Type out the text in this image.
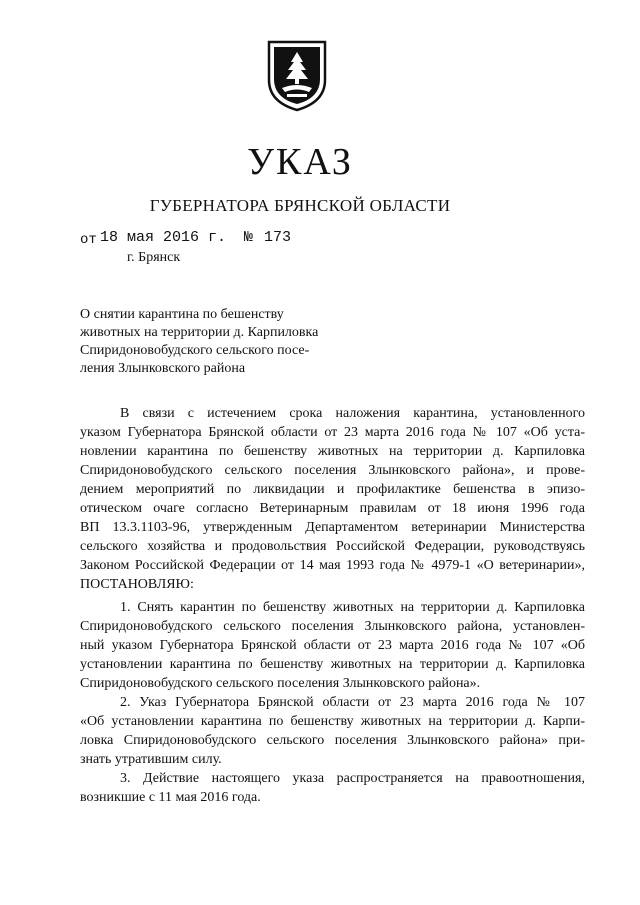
УКАЗ
ГУБЕРНАТОРА БРЯНСКОЙ ОБЛАСТИ
от 18 мая 2016 г. № 173
г. Брянск
О снятии карантина по бешенству
животных на территории д. Карпиловка
Спиридоновобудского сельского посе-
ления Злынковского района
В связи с истечением срока наложения карантина, установленного
указом Губернатора Брянской области от 23 марта 2016 года № 107 «Об уста-
новлении карантина по бешенству животных на территории д. Карпиловка
Спиридоновобудского сельского поселения Злынковского района», и прове-
дением мероприятий по ликвидации и профилактике бешенства в эпизо-
отическом очаге согласно Ветеринарным правилам от 18 июня 1996 года
ВП 13.3.1103-96, утвержденным Департаментом ветеринарии Министерства
сельского хозяйства и продовольствия Российской Федерации, руководствуясь
Законом Российской Федерации от 14 мая 1993 года № 4979-1 «О ветеринарии»,
ПОСТАНОВЛЯЮ:
1. Снять карантин по бешенству животных на территории д. Карпиловка
Спиридоновобудского сельского поселения Злынковского района, установлен-
ный указом Губернатора Брянской области от 23 марта 2016 года № 107 «Об
установлении карантина по бешенству животных на территории д. Карпиловка
Спиридоновобудского сельского поселения Злынковского района».
2. Указ Губернатора Брянской области от 23 марта 2016 года № 107
«Об установлении карантина по бешенству животных на территории д. Карпи-
ловка Спиридоновобудского сельского поселения Злынковского района» при-
знать утратившим силу.
3. Действие настоящего указа распространяется на правоотношения,
возникшие с 11 мая 2016 года.
